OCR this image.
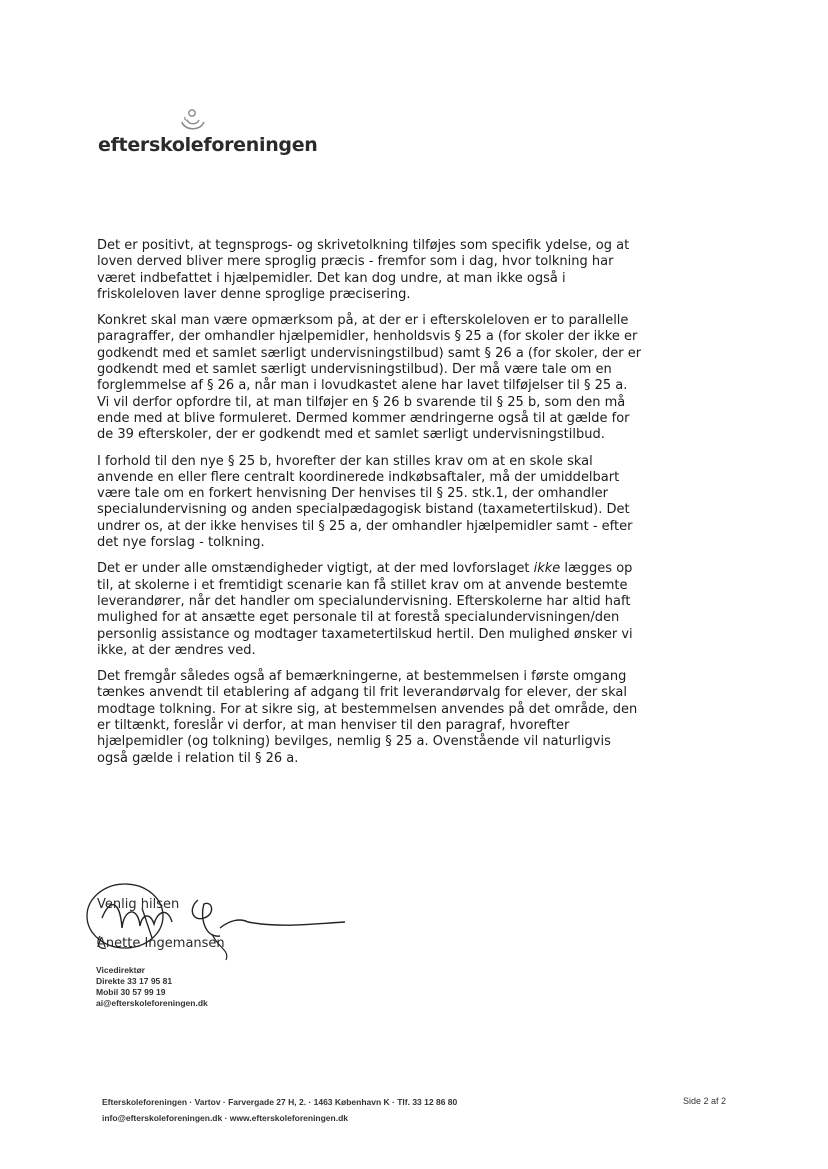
efterskoleforeningen

Det er positivt, at tegnsprogs- og skrivetolkning tilføjes som specifik ydelse, og at
loven derved bliver mere sproglig præcis - fremfor som i dag, hvor tolkning har
været indbefattet i hjælpemidler. Det kan dog undre, at man ikke også i
friskoleloven laver denne sproglige præcisering.

Konkret skal man være opmærksom på, at der er i efterskoleloven er to parallelle
paragraffer, der omhandler hjælpemidler, henholdsvis § 25 a (for skoler der ikke er
godkendt med et samlet særligt undervisningstilbud) samt § 26 a (for skoler, der er
godkendt med et samlet særligt undervisningstilbud). Der må være tale om en
forglemmelse af § 26 a, når man i lovudkastet alene har lavet tilføjelser til § 25 a.
Vi vil derfor opfordre til, at man tilføjer en § 26 b svarende til § 25 b, som den må
ende med at blive formuleret. Dermed kommer ændringerne også til at gælde for
de 39 efterskoler, der er godkendt med et samlet særligt undervisningstilbud.

I forhold til den nye § 25 b, hvorefter der kan stilles krav om at en skole skal
anvende en eller flere centralt koordinerede indkøbsaftaler, må der umiddelbart
være tale om en forkert henvisning Der henvises til § 25. stk.1, der omhandler
specialundervisning og anden specialpædagogisk bistand (taxametertilskud). Det
undrer os, at der ikke henvises til § 25 a, der omhandler hjælpemidler samt - efter
det nye forslag - tolkning.

Det er under alle omstændigheder vigtigt, at der med lovforslaget ikke lægges op
til, at skolerne i et fremtidigt scenarie kan få stillet krav om at anvende bestemte
leverandører, når det handler om specialundervisning. Efterskolerne har altid haft
mulighed for at ansætte eget personale til at forestå specialundervisningen/den
personlig assistance og modtager taxametertilskud hertil. Den mulighed ønsker vi
ikke, at der ændres ved.

Det fremgår således også af bemærkningerne, at bestemmelsen i første omgang
tænkes anvendt til etablering af adgang til frit leverandørvalg for elever, der skal
modtage tolkning. For at sikre sig, at bestemmelsen anvendes på det område, den
er tiltænkt, foreslår vi derfor, at man henviser til den paragraf, hvorefter
hjælpemidler (og tolkning) bevilges, nemlig § 25 a. Ovenstående vil naturligvis
også gælde i relation til § 26 a.

Venlig hilsen
Anette Ingemansen
Vicedirektør
Direkte 33 17 95 81
Mobil 30 57 99 19
ai@efterskoleforeningen.dk
Efterskoleforeningen · Vartov · Farvergade 27 H, 2. · 1463 København K · Tlf. 33 12 86 80
info@efterskoleforeningen.dk · www.efterskoleforeningen.dk
Side 2 af 2
